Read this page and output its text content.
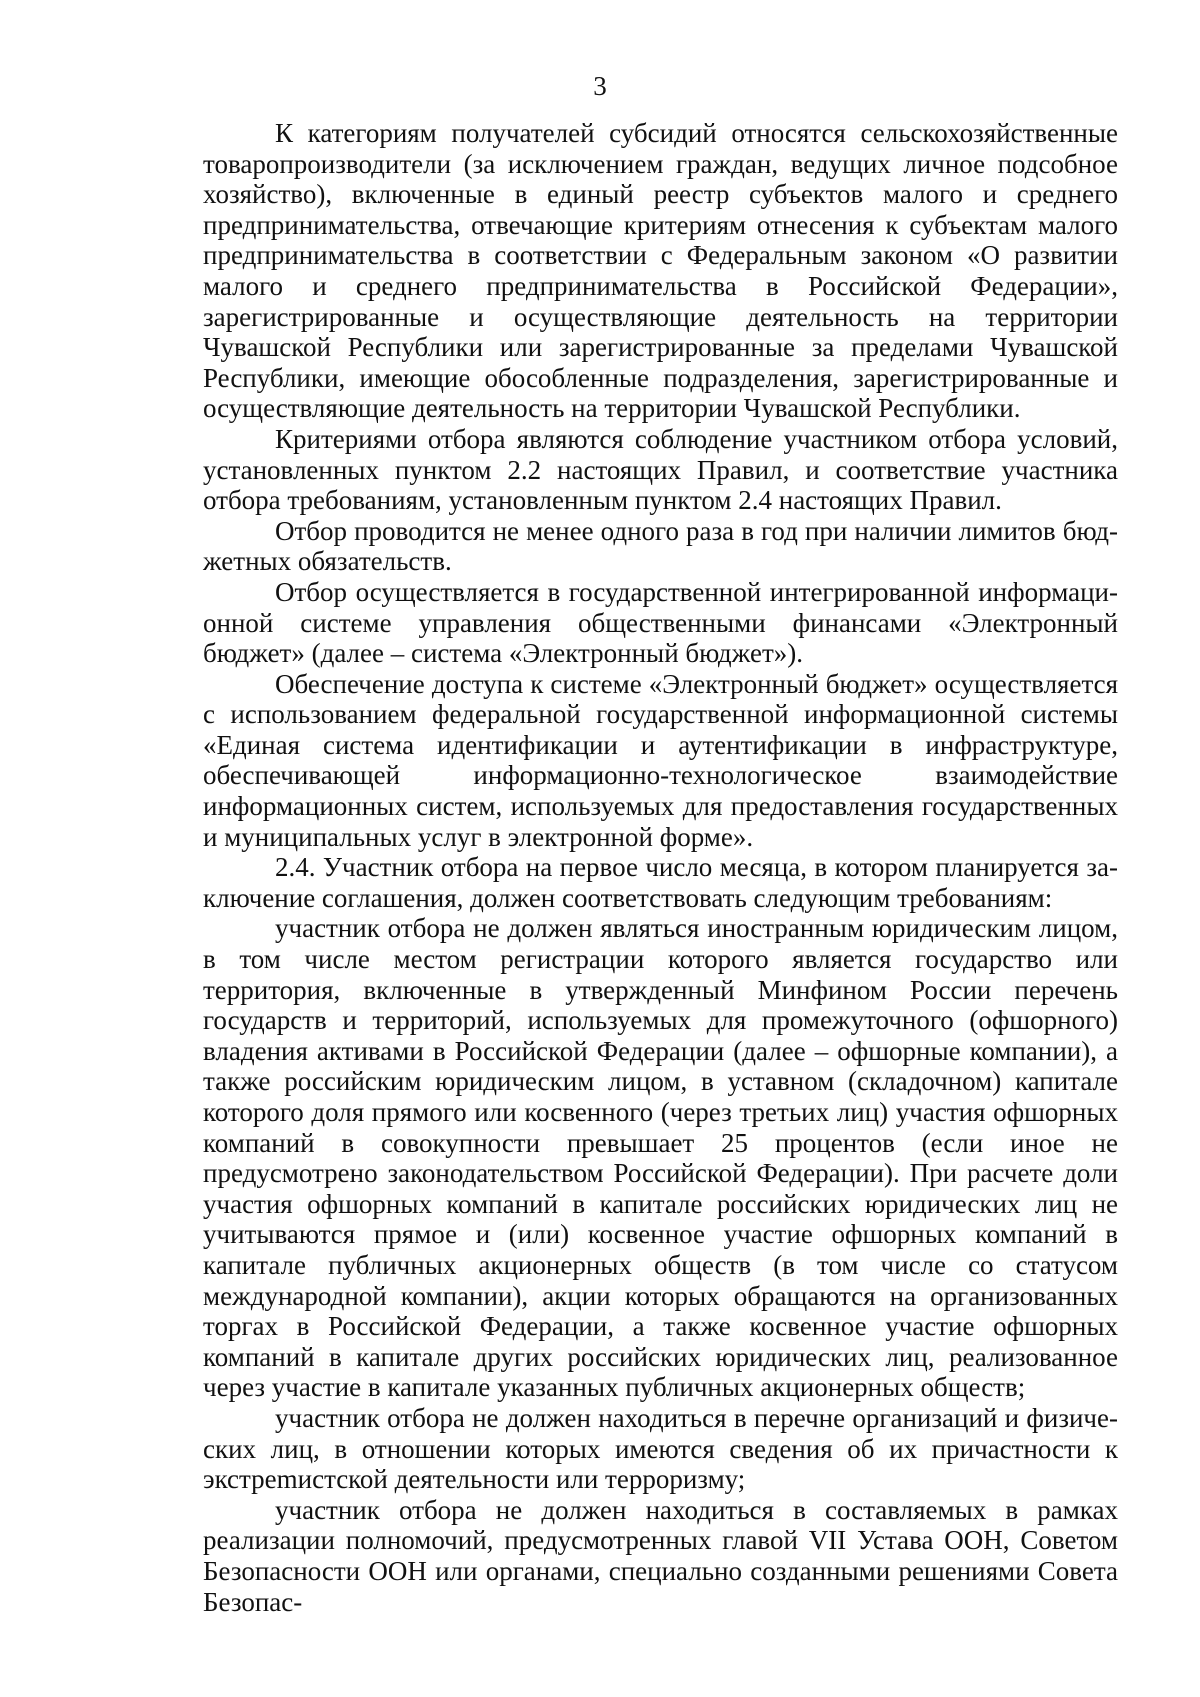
3

К категориям получателей субсидий относятся сельскохозяйственные товаропроизводители (за исключением граждан, ведущих личное подсобное хозяйство), включенные в единый реестр субъектов малого и среднего предпринимательства, отвечающие критериям отнесения к субъектам малого предпринимательства в соответствии с Федеральным законом «О развитии малого и среднего предпринимательства в Российской Федерации», зарегистрированные и осуществляющие деятельность на территории Чувашской Республики или зарегистрированные за пределами Чувашской Республики, имеющие обособленные подразделения, зарегистрированные и осуществляющие деятельность на территории Чувашской Республики.

Критериями отбора являются соблюдение участником отбора условий, установленных пунктом 2.2 настоящих Правил, и соответствие участника отбора требованиям, установленным пунктом 2.4 настоящих Правил.

Отбор проводится не менее одного раза в год при наличии лимитов бюджетных обязательств.

Отбор осуществляется в государственной интегрированной информационной системе управления общественными финансами «Электронный бюджет» (далее – система «Электронный бюджет»).

Обеспечение доступа к системе «Электронный бюджет» осуществляется с использованием федеральной государственной информационной системы «Единая система идентификации и аутентификации в инфраструктуре, обеспечивающей информационно-технологическое взаимодействие информационных систем, используемых для предоставления государственных и муниципальных услуг в электронной форме».

2.4. Участник отбора на первое число месяца, в котором планируется заключение соглашения, должен соответствовать следующим требованиям:

участник отбора не должен являться иностранным юридическим лицом, в том числе местом регистрации которого является государство или территория, включенные в утвержденный Минфином России перечень государств и территорий, используемых для промежуточного (офшорного) владения активами в Российской Федерации (далее – офшорные компании), а также российским юридическим лицом, в уставном (складочном) капитале которого доля прямого или косвенного (через третьих лиц) участия офшорных компаний в совокупности превышает 25 процентов (если иное не предусмотрено законодательством Российской Федерации). При расчете доли участия офшорных компаний в капитале российских юридических лиц не учитываются прямое и (или) косвенное участие офшорных компаний в капитале публичных акционерных обществ (в том числе со статусом международной компании), акции которых обращаются на организованных торгах в Российской Федерации, а также косвенное участие офшорных компаний в капитале других российских юридических лиц, реализованное через участие в капитале указанных публичных акционерных обществ;

участник отбора не должен находиться в перечне организаций и физических лиц, в отношении которых имеются сведения об их причастности к экстреmистской деятельности или терроризму;

участник отбора не должен находиться в составляемых в рамках реализации полномочий, предусмотренных главой VII Устава ООН, Советом Безопасности ООН или органами, специально созданными решениями Совета Безопас-
